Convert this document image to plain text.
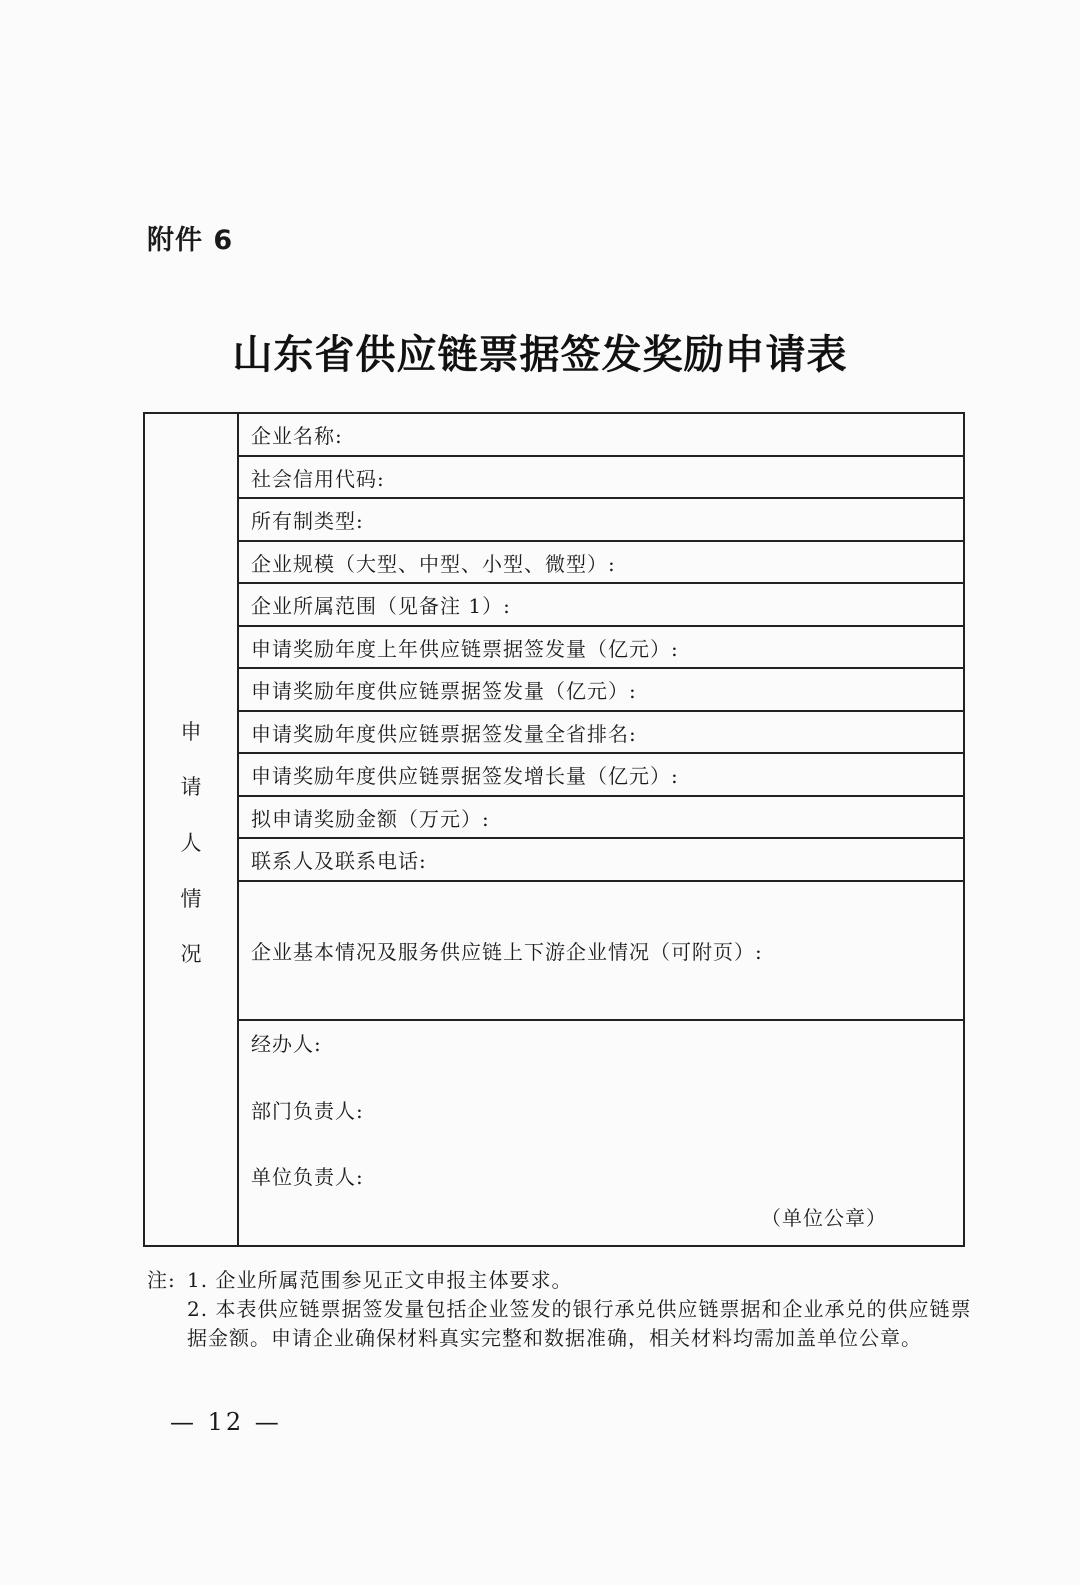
附件 6
山东省供应链票据签发奖励申请表
申
请
人
情
况
企业名称:
社会信用代码:
所有制类型:
企业规模（大型、中型、小型、微型）:
企业所属范围（见备注 1）:
申请奖励年度上年供应链票据签发量（亿元）:
申请奖励年度供应链票据签发量（亿元）:
申请奖励年度供应链票据签发量全省排名:
申请奖励年度供应链票据签发增长量（亿元）:
拟申请奖励金额（万元）:
联系人及联系电话:
企业基本情况及服务供应链上下游企业情况（可附页）:
经办人:
部门负责人:
单位负责人:
（单位公章）
注: 1. 企业所属范围参见正文申报主体要求。
2. 本表供应链票据签发量包括企业签发的银行承兑供应链票据和企业承兑的供应链票据金额。申请企业确保材料真实完整和数据准确，相关材料均需加盖单位公章。
— 12 —
